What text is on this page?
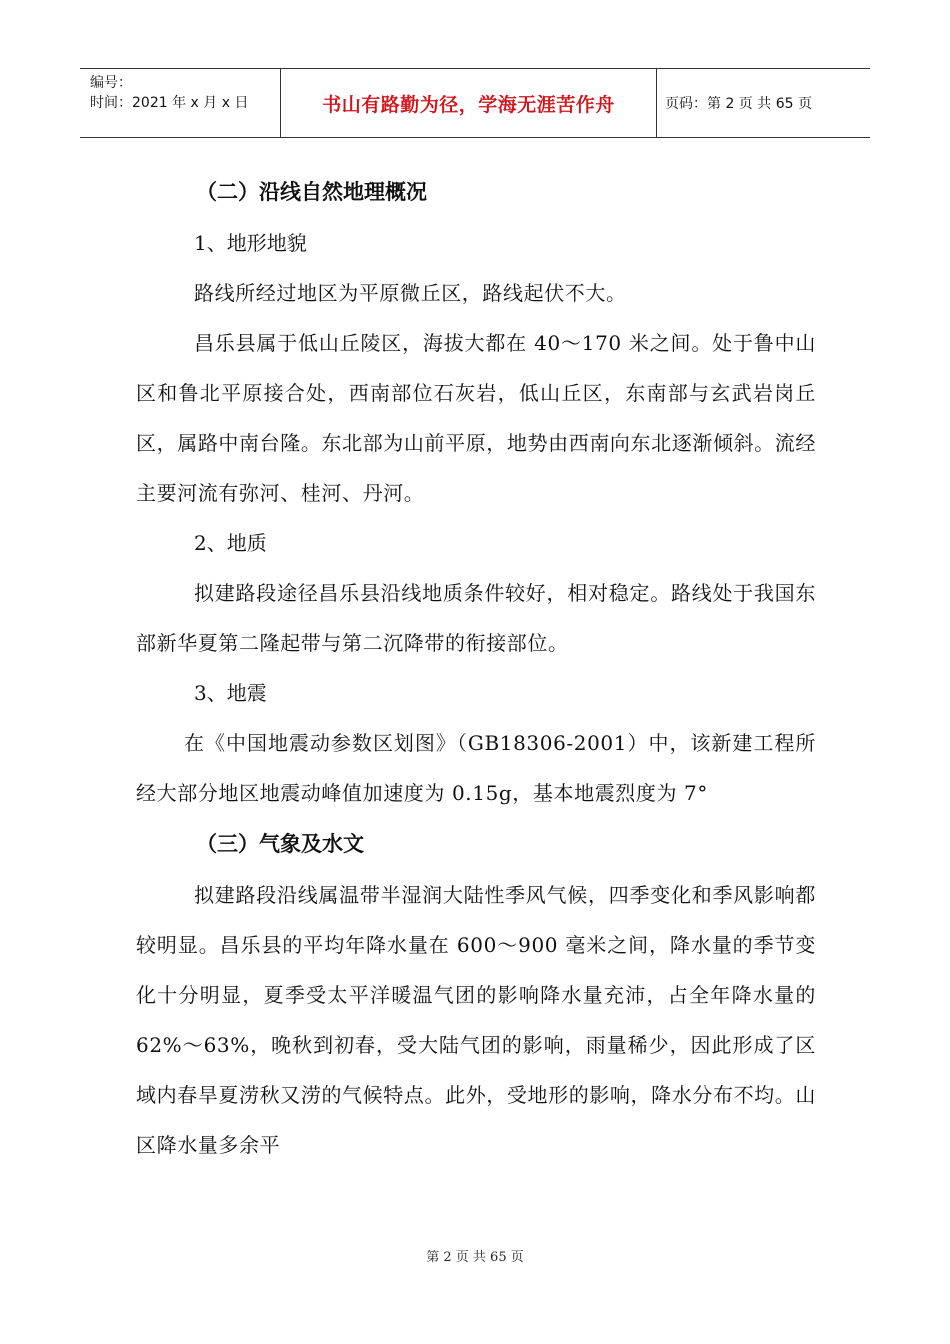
编号：
时间：2021 年 x 月 x 日	书山有路勤为径，学海无涯苦作舟	页码：第 2 页 共 65 页
（二）沿线自然地理概况

1、地形地貌

路线所经过地区为平原微丘区，路线起伏不大。

昌乐县属于低山丘陵区，海拔大都在 40～170 米之间。处于鲁中山区和鲁北平原接合处，西南部位石灰岩，低山丘区，东南部与玄武岩岗丘区，属路中南台隆。东北部为山前平原，地势由西南向东北逐渐倾斜。流经主要河流有弥河、桂河、丹河。

2、地质

拟建路段途径昌乐县沿线地质条件较好，相对稳定。路线处于我国东部新华夏第二隆起带与第二沉降带的衔接部位。

3、地震

在《中国地震动参数区划图》（GB18306-2001）中，该新建工程所经大部分地区地震动峰值加速度为 0.15g，基本地震烈度为 7°

（三）气象及水文

拟建路段沿线属温带半湿润大陆性季风气候，四季变化和季风影响都较明显。昌乐县的平均年降水量在 600～900 毫米之间，降水量的季节变化十分明显，夏季受太平洋暖温气团的影响降水量充沛，占全年降水量的 62%～63%，晚秋到初春，受大陆气团的影响，雨量稀少，因此形成了区域内春旱夏涝秋又涝的气候特点。此外，受地形的影响，降水分布不均。山区降水量多余平

第 2 页 共 65 页
